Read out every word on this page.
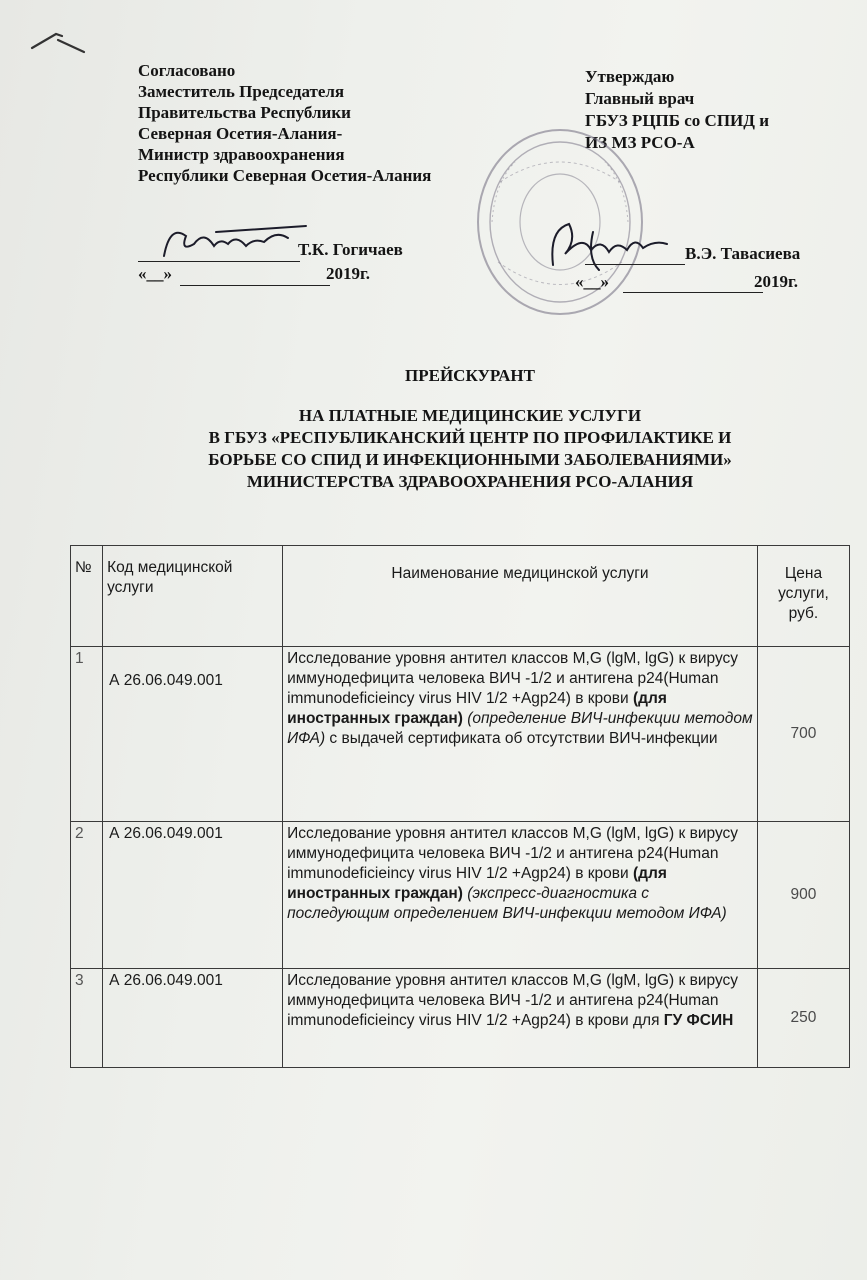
Согласовано
Заместитель Председателя
Правительства Республики
Северная Осетия-Алания-
Министр здравоохранения
Республики Северная Осетия-Алания
Утверждаю
Главный врач
ГБУЗ РЦПБ со СПИД и
ИЗ МЗ РСО-А
Т.К. Гогичаев
«__»	2019г.
В.Э. Тавасиева
«__»	2019г.
ПРЕЙСКУРАНТ
НА ПЛАТНЫЕ МЕДИЦИНСКИЕ УСЛУГИ
В ГБУЗ «РЕСПУБЛИКАНСКИЙ ЦЕНТР ПО ПРОФИЛАКТИКЕ И
БОРЬБЕ СО СПИД И ИНФЕКЦИОННЫМИ ЗАБОЛЕВАНИЯМИ»
МИНИСТЕРСТВА ЗДРАВООХРАНЕНИЯ РСО-АЛАНИЯ
№	Код медицинской услуги	Наименование медицинской услуги	Цена услуги, руб.
1	А 26.06.049.001	Исследование уровня антител классов M,G (lgM, lgG) к вирусу иммунодефицита человека ВИЧ -1/2 и антигена p24(Human immunodeficieincy virus HIV 1/2 +Agp24) в крови (для иностранных граждан) (определение ВИЧ-инфекции методом ИФА) с выдачей сертификата об отсутствии ВИЧ-инфекции	700
2	А 26.06.049.001	Исследование уровня антител классов M,G (lgM, lgG) к вирусу иммунодефицита человека ВИЧ -1/2 и антигена p24(Human immunodeficieincy virus HIV 1/2 +Agp24) в крови (для иностранных граждан) (экспресс-диагностика с последующим определением ВИЧ-инфекции методом ИФА)	900
3	А 26.06.049.001	Исследование уровня антител классов M,G (lgM, lgG) к вирусу иммунодефицита человека ВИЧ -1/2 и антигена p24(Human immunodeficieincy virus HIV 1/2 +Agp24) в крови для ГУ ФСИН	250
